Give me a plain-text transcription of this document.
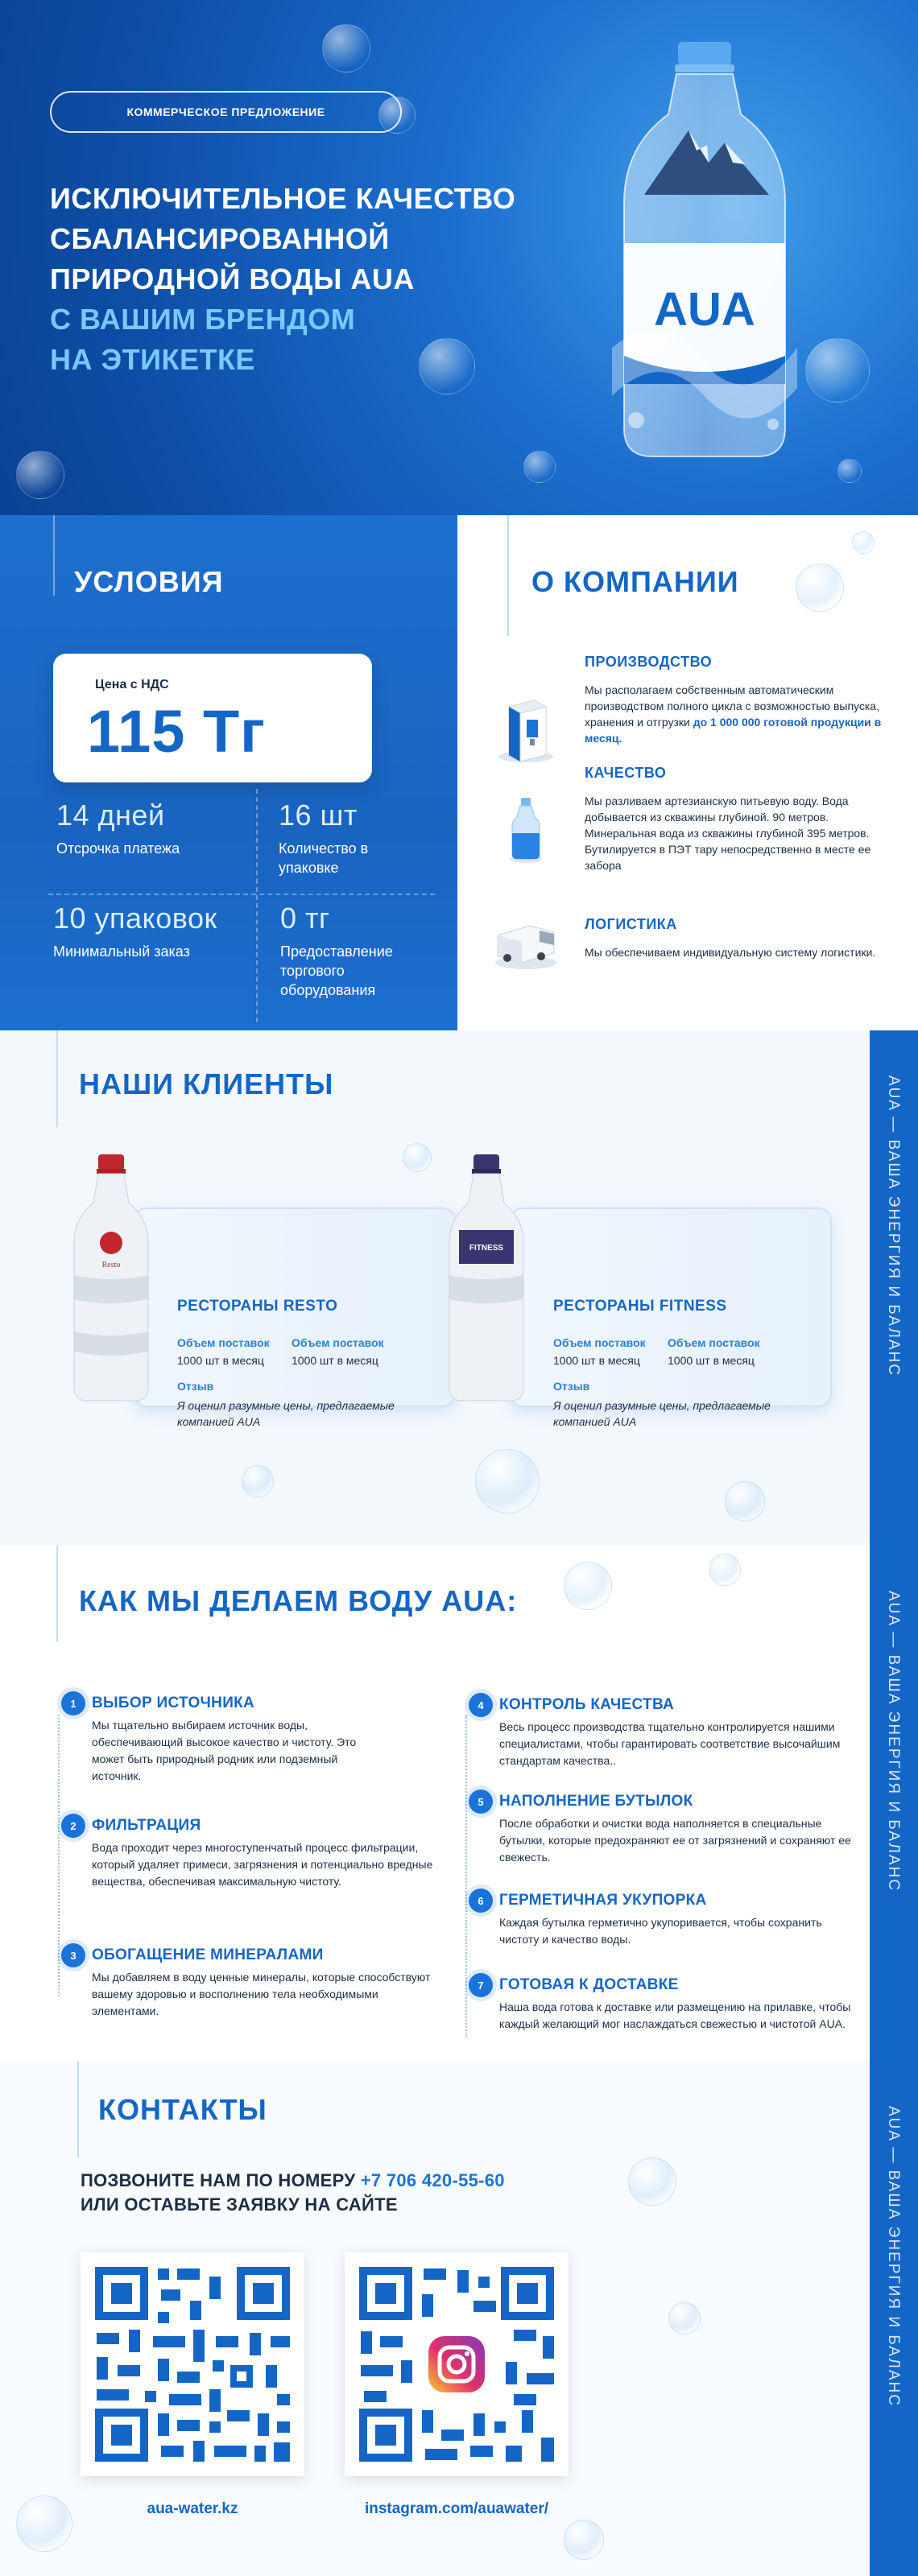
КОММЕРЧЕСКОЕ ПРЕДЛОЖЕНИЕ
ИСКЛЮЧИТЕЛЬНОЕ КАЧЕСТВО
СБАЛАНСИРОВАННОЙ
ПРИРОДНОЙ ВОДЫ AUA
С ВАШИМ БРЕНДОМ
НА ЭТИКЕТКЕ
AUA
УСЛОВИЯ
Цена с НДС
115 Тг
14 дней
Отсрочка платежа
16 шт
Количество в упаковке
10 упаковок
Минимальный заказ
0 тг
Предоставление торгового оборудования
О КОМПАНИИ
ПРОИЗВОДСТВО

Мы располагаем собственным автоматическим производством полного цикла с возможностью выпуска, хранения и отгрузки до 1 000 000 готовой продукции в месяц.

КАЧЕСТВО

Мы разливаем артезианскую питьевую воду. Вода добывается из скважины глубиной. 90 метров. Минеральная вода из скважины глубиной 395 метров. Бутилируется в ПЭТ тару непосредственно в месте ее забора

ЛОГИСТИКА

Мы обеспечиваем индивидуальную систему логистики.

AUA — ВАША ЭНЕРГИЯ И БАЛАНС
AUA — ВАША ЭНЕРГИЯ И БАЛАНС
AUA — ВАША ЭНЕРГИЯ И БАЛАНС
НАШИ КЛИЕНТЫ
РЕСТОРАНЫ RESTO
Объем поставок
1000 шт в месяц
Объем поставок
1000 шт в месяц
Отзыв
Я оценил разумные цены, предлагаемые компанией AUA
Resto
РЕСТОРАНЫ FITNESS
Объем поставок
1000 шт в месяц
Объем поставок
1000 шт в месяц
Отзыв
Я оценил разумные цены, предлагаемые компанией AUA
FITNESS
КАК МЫ ДЕЛАЕМ ВОДУ AUA:
1	ВЫБОР ИСТОЧНИКА

Мы тщательно выбираем источник воды, обеспечивающий высокое качество и чистоту. Это может быть природный родник или подземный источник.

2	ФИЛЬТРАЦИЯ

Вода проходит через многоступенчатый процесс фильтрации, который удаляет примеси, загрязнения и потенциально вредные вещества, обеспечивая максимальную чистоту.

3	ОБОГАЩЕНИЕ МИНЕРАЛАМИ

Мы добавляем в воду ценные минералы, которые способствуют вашему здоровью и восполнению тела необходимыми элементами.

4	КОНТРОЛЬ КАЧЕСТВА

Весь процесс производства тщательно контролируется нашими специалистами, чтобы гарантировать соответствие высочайшим стандартам качества..

5	НАПОЛНЕНИЕ БУТЫЛОК

После обработки и очистки вода наполняется в специальные бутылки, которые предохраняют ее от загрязнений и сохраняют ее свежесть.

6	ГЕРМЕТИЧНАЯ УКУПОРКА

Каждая бутылка герметично укупоривается, чтобы сохранить чистоту и качество воды.

7	ГОТОВАЯ К ДОСТАВКЕ

Наша вода готова к доставке или размещению на прилавке, чтобы каждый желающий мог наслаждаться свежестью и чистотой AUA.

КОНТАКТЫ
ПОЗВОНИТЕ НАМ ПО НОМЕРУ +7 706 420-55-60
ИЛИ ОСТАВЬТЕ ЗАЯВКУ НА САЙТЕ
aua-water.kz	instagram.com/auawater/
